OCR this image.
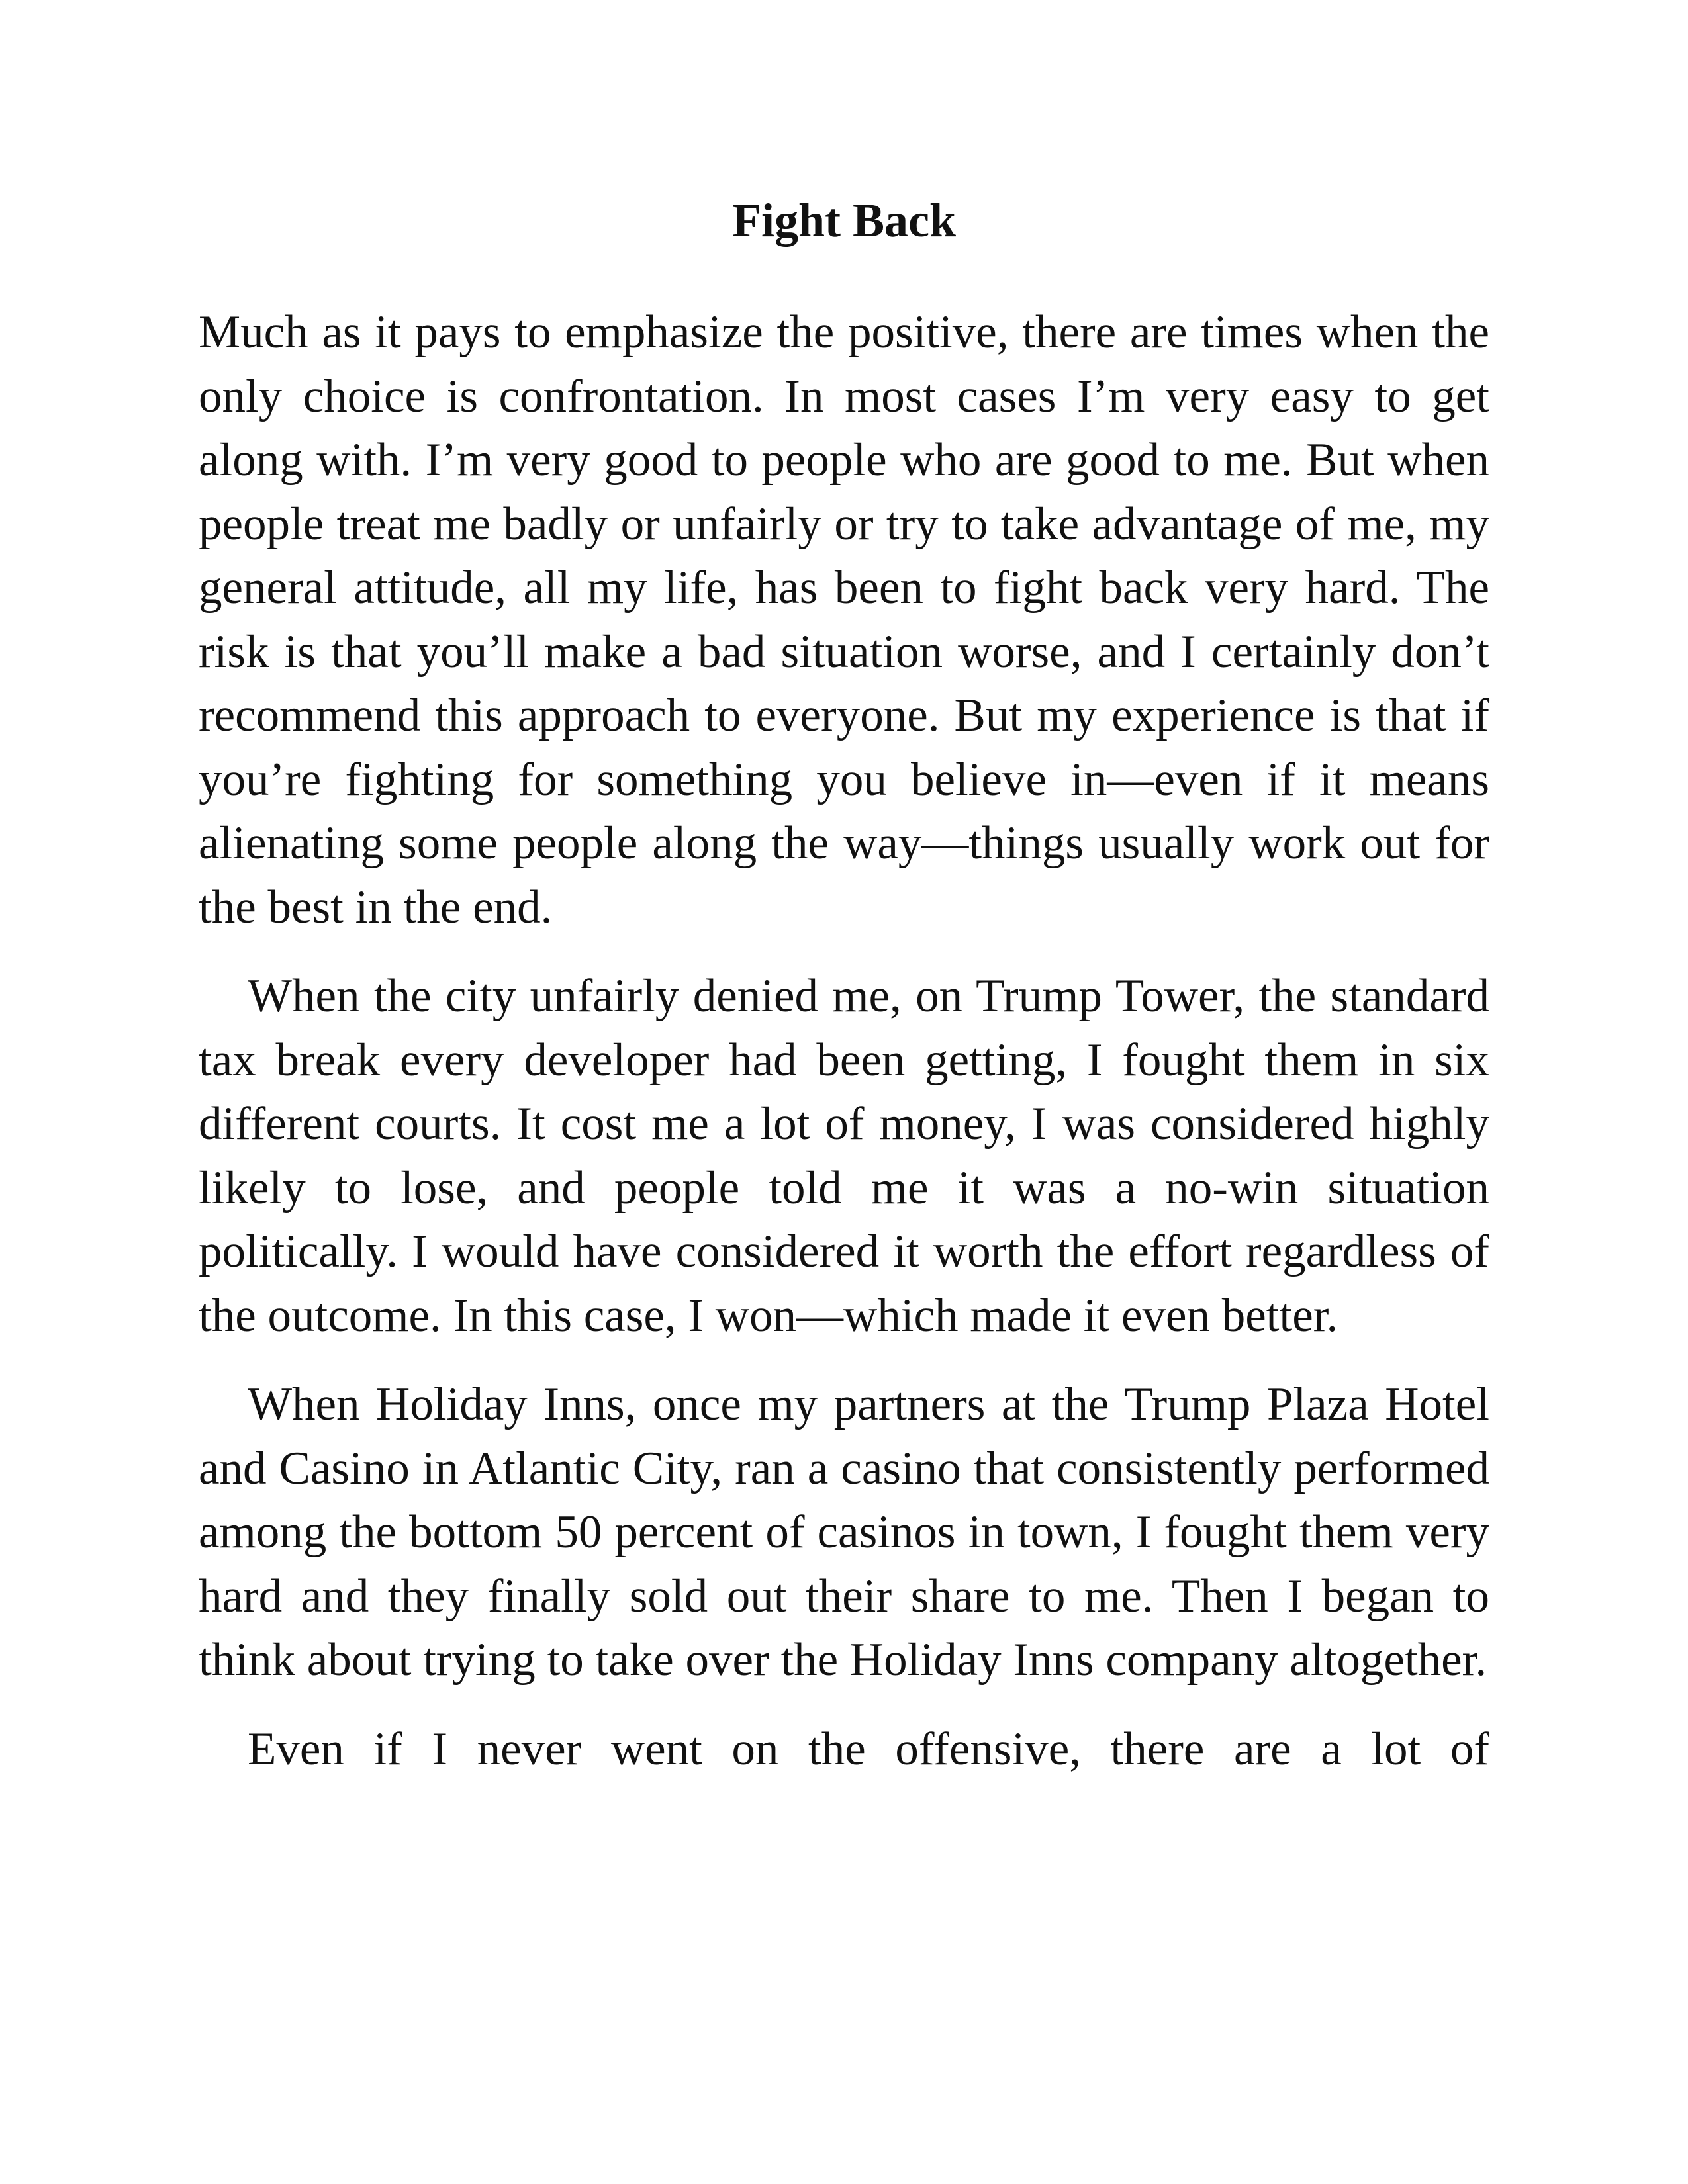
Fight Back

Much as it pays to emphasize the positive, there are times when the only choice is confrontation. In most cases I’m very easy to get along with. I’m very good to people who are good to me. But when people treat me badly or unfairly or try to take advantage of me, my general attitude, all my life, has been to fight back very hard. The risk is that you’ll make a bad situation worse, and I certainly don’t recommend this approach to everyone. But my experience is that if you’re fighting for something you believe in—even if it means alienating some people along the way—things usually work out for the best in the end.

When the city unfairly denied me, on Trump Tower, the standard tax break every developer had been getting, I fought them in six different courts. It cost me a lot of money, I was considered highly likely to lose, and people told me it was a no-win situation politically. I would have considered it worth the effort regardless of the outcome. In this case, I won—which made it even better.

When Holiday Inns, once my partners at the Trump Plaza Hotel and Casino in Atlantic City, ran a casino that consistently performed among the bottom 50 percent of casinos in town, I fought them very hard and they finally sold out their share to me. Then I began to think about trying to take over the Holiday Inns company altogether.

Even if I never went on the offensive, there are a lot of
